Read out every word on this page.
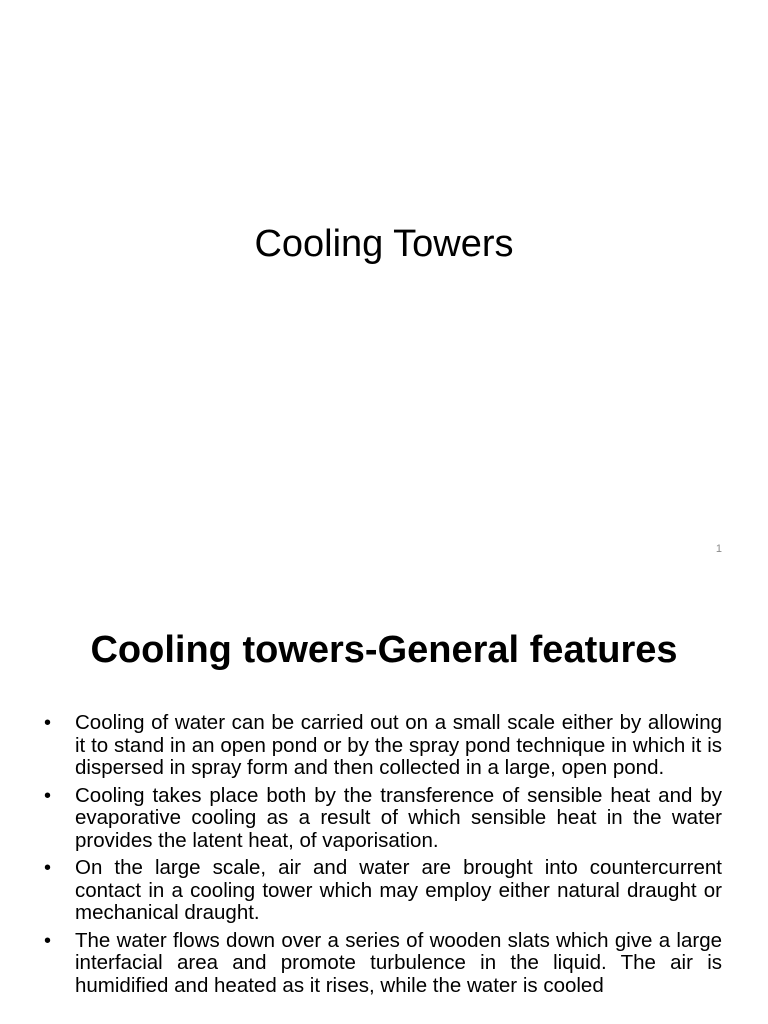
Cooling Towers
1
Cooling towers-General features
•	Cooling of water can be carried out on a small scale either by allowing it to stand in an open pond or by the spray pond technique in which it is dispersed in spray form and then collected in a large, open pond.
•	Cooling takes place both by the transference of sensible heat and by evaporative cooling as a result of which sensible heat in the water provides the latent heat, of vaporisation.
•	On the large scale, air and water are brought into countercurrent contact in a cooling tower which may employ either natural draught or mechanical draught.
•	The water flows down over a series of wooden slats which give a large interfacial area and promote turbulence in the liquid. The air is humidified and heated as it rises, while the water is cooled
